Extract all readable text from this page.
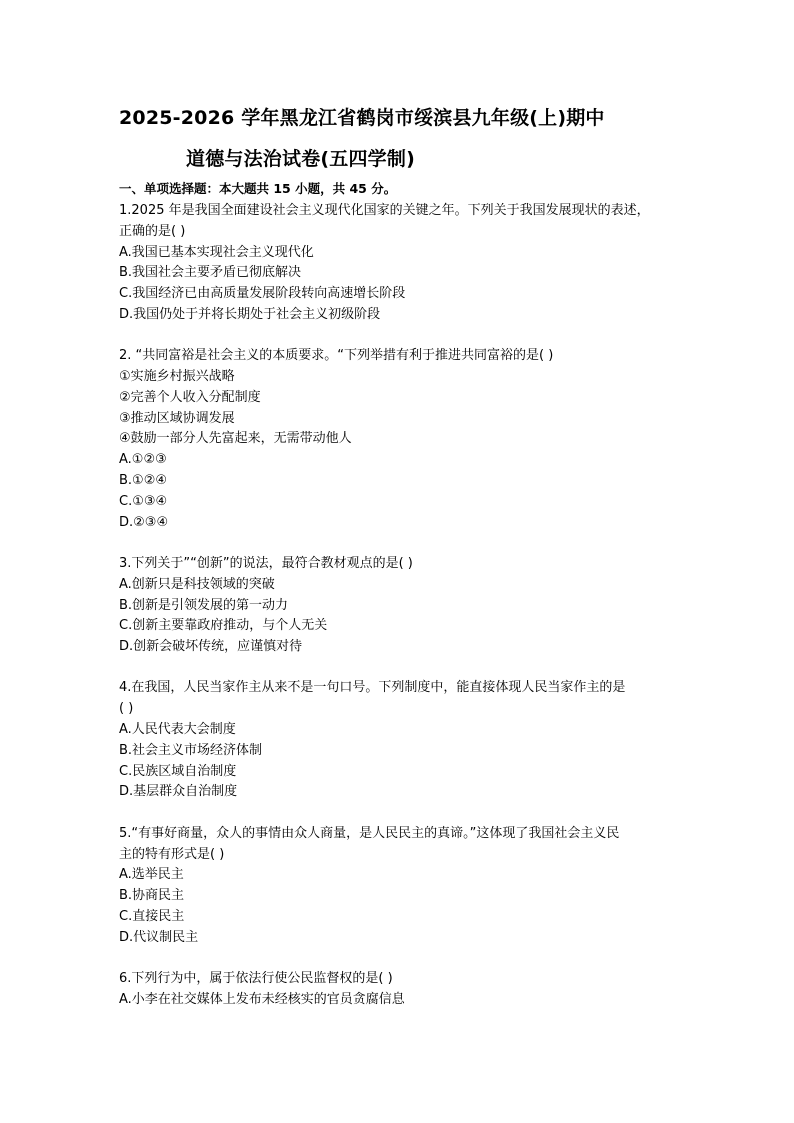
2025-2026 学年黑龙江省鹤岗市绥滨县九年级(上)期中
道德与法治试卷(五四学制)
一、单项选择题：本大题共 15 小题，共 45 分。
1.2025 年是我国全面建设社会主义现代化国家的关键之年。下列关于我国发展现状的表述，
正确的是( )
A.我国已基本实现社会主义现代化
B.我国社会主要矛盾已彻底解决
C.我国经济已由高质量发展阶段转向高速增长阶段
D.我国仍处于并将长期处于社会主义初级阶段
2. “共同富裕是社会主义的本质要求。“下列举措有利于推进共同富裕的是( )
①实施乡村振兴战略
②完善个人收入分配制度
③推动区域协调发展
④鼓励一部分人先富起来，无需带动他人
A.①②③
B.①②④
C.①③④
D.②③④
3.下列关于”“创新”的说法，最符合教材观点的是( )
A.创新只是科技领域的突破
B.创新是引领发展的第一动力
C.创新主要靠政府推动，与个人无关
D.创新会破坏传统，应谨慎对待
4.在我国，人民当家作主从来不是一句口号。下列制度中，能直接体现人民当家作主的是
( )
A.人民代表大会制度
B.社会主义市场经济体制
C.民族区域自治制度
D.基层群众自治制度
5.“有事好商量，众人的事情由众人商量，是人民民主的真谛。”这体现了我国社会主义民
主的特有形式是( )
A.选举民主
B.协商民主
C.直接民主
D.代议制民主
6.下列行为中，属于依法行使公民监督权的是( )
A.小李在社交媒体上发布未经核实的官员贪腐信息
